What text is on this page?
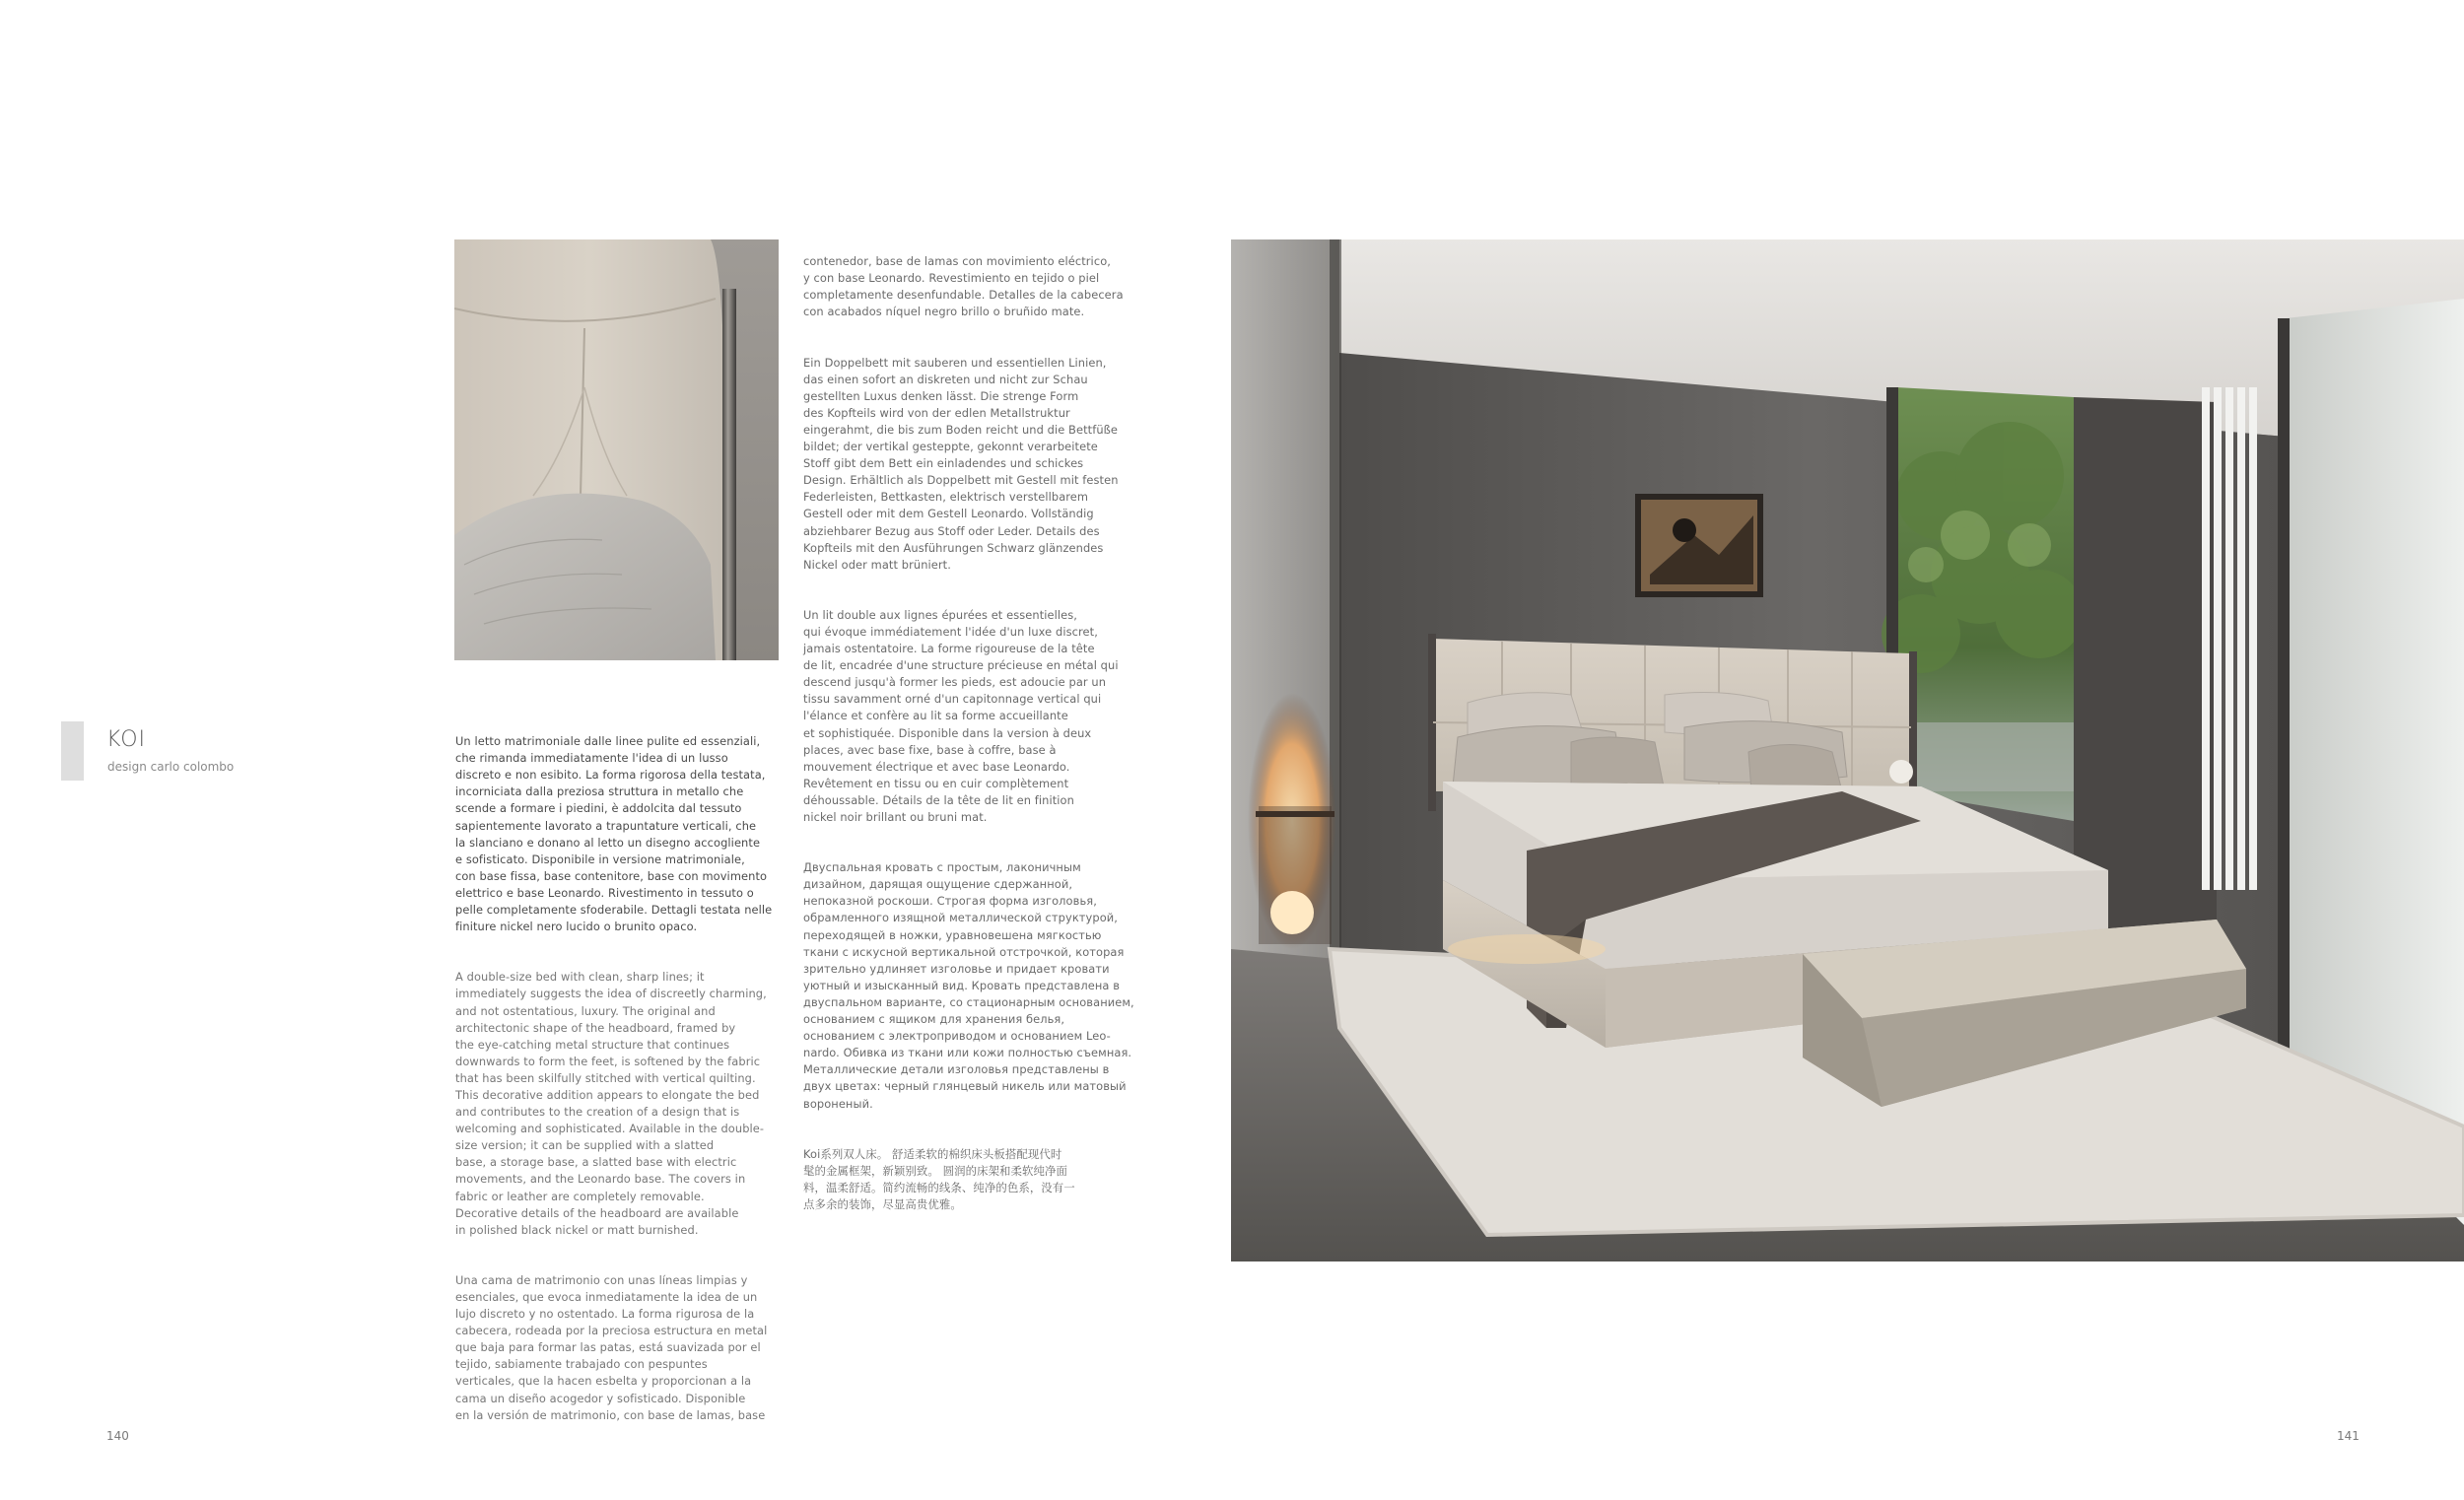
KOI
design carlo colombo

Un letto matrimoniale dalle linee pulite ed essenziali,
che rimanda immediatamente l'idea di un lusso
discreto e non esibito. La forma rigorosa della testata,
incorniciata dalla preziosa struttura in metallo che
scende a formare i piedini, è addolcita dal tessuto
sapientemente lavorato a trapuntature verticali, che
la slanciano e donano al letto un disegno accogliente
e sofisticato. Disponibile in versione matrimoniale,
con base fissa, base contenitore, base con movimento
elettrico e base Leonardo. Rivestimento in tessuto o
pelle completamente sfoderabile. Dettagli testata nelle
finiture nickel nero lucido o brunito opaco.

A double-size bed with clean, sharp lines; it
immediately suggests the idea of discreetly charming,
and not ostentatious, luxury. The original and
architectonic shape of the headboard, framed by
the eye-catching metal structure that continues
downwards to form the feet, is softened by the fabric
that has been skilfully stitched with vertical quilting.
This decorative addition appears to elongate the bed
and contributes to the creation of a design that is
welcoming and sophisticated. Available in the double-
size version; it can be supplied with a slatted
base, a storage base, a slatted base with electric
movements, and the Leonardo base. The covers in
fabric or leather are completely removable.
Decorative details of the headboard are available
in polished black nickel or matt burnished.

Una cama de matrimonio con unas líneas limpias y
esenciales, que evoca inmediatamente la idea de un
lujo discreto y no ostentado. La forma rigurosa de la
cabecera, rodeada por la preciosa estructura en metal
que baja para formar las patas, está suavizada por el
tejido, sabiamente trabajado con pespuntes
verticales, que la hacen esbelta y proporcionan a la
cama un diseño acogedor y sofisticado. Disponible
en la versión de matrimonio, con base de lamas, base

contenedor, base de lamas con movimiento eléctrico,
y con base Leonardo. Revestimiento en tejido o piel
completamente desenfundable. Detalles de la cabecera
con acabados níquel negro brillo o bruñido mate.

Ein Doppelbett mit sauberen und essentiellen Linien,
das einen sofort an diskreten und nicht zur Schau
gestellten Luxus denken lässt. Die strenge Form
des Kopfteils wird von der edlen Metallstruktur
eingerahmt, die bis zum Boden reicht und die Bettfüße
bildet; der vertikal gesteppte, gekonnt verarbeitete
Stoff gibt dem Bett ein einladendes und schickes
Design. Erhältlich als Doppelbett mit Gestell mit festen
Federleisten, Bettkasten, elektrisch verstellbarem
Gestell oder mit dem Gestell Leonardo. Vollständig
abziehbarer Bezug aus Stoff oder Leder. Details des
Kopfteils mit den Ausführungen Schwarz glänzendes
Nickel oder matt brüniert.

Un lit double aux lignes épurées et essentielles,
qui évoque immédiatement l'idée d'un luxe discret,
jamais ostentatoire. La forme rigoureuse de la tête
de lit, encadrée d'une structure précieuse en métal qui
descend jusqu'à former les pieds, est adoucie par un
tissu savamment orné d'un capitonnage vertical qui
l'élance et confère au lit sa forme accueillante
et sophistiquée. Disponible dans la version à deux
places, avec base fixe, base à coffre, base à
mouvement électrique et avec base Leonardo.
Revêtement en tissu ou en cuir complètement
déhoussable. Détails de la tête de lit en finition
nickel noir brillant ou bruni mat.

Двуспальная кровать с простым, лаконичным
дизайном, дарящая ощущение сдержанной,
непоказной роскоши. Строгая форма изголовья,
обрамленного изящной металлической структурой,
переходящей в ножки, уравновешена мягкостью
ткани с искусной вертикальной отстрочкой, которая
зрительно удлиняет изголовье и придает кровати
уютный и изысканный вид. Кровать представлена в
двуспальном варианте, со стационарным основанием,
основанием с ящиком для хранения белья,
основанием с электроприводом и основанием Leo-
nardo. Обивка из ткани или кожи полностью съемная.
Металлические детали изголовья представлены в
двух цветах: черный глянцевый никель или матовый
вороненый.

Koi系列双人床。 舒适柔软的棉织床头板搭配现代时
髦的金属框架，新颖别致。 圆润的床架和柔软纯净面
料，温柔舒适。简约流畅的线条、纯净的色系，没有一
点多余的装饰，尽显高贵优雅。

140	141
